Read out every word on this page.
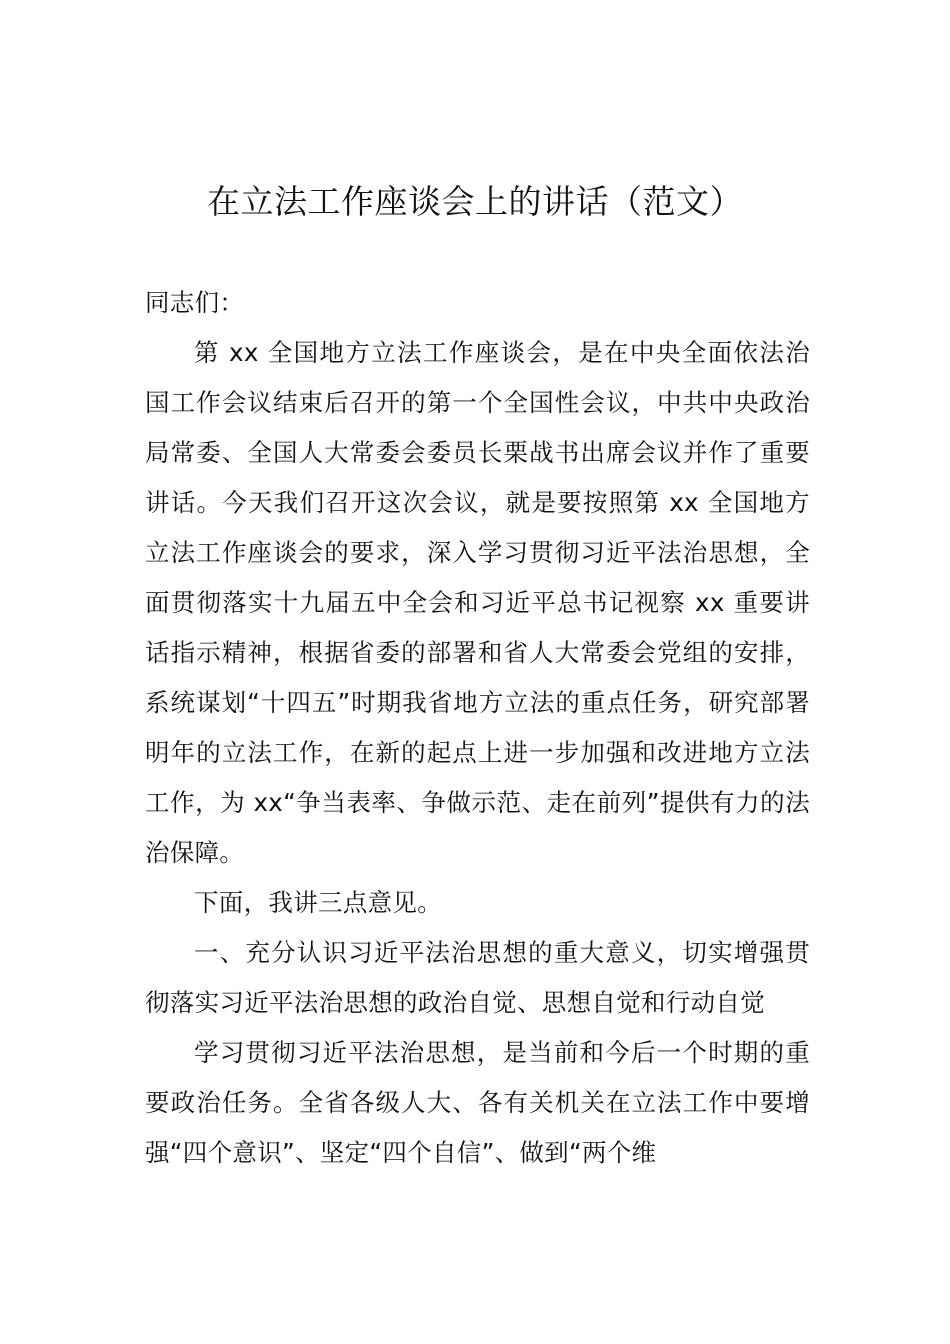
在立法工作座谈会上的讲话（范文）

同志们：

第 xx 全国地方立法工作座谈会，是在中央全面依法治国工作会议结束后召开的第一个全国性会议，中共中央政治局常委、全国人大常委会委员长栗战书出席会议并作了重要讲话。今天我们召开这次会议，就是要按照第 xx 全国地方立法工作座谈会的要求，深入学习贯彻习近平法治思想，全面贯彻落实十九届五中全会和习近平总书记视察 xx 重要讲话指示精神，根据省委的部署和省人大常委会党组的安排，系统谋划“十四五”时期我省地方立法的重点任务，研究部署明年的立法工作，在新的起点上进一步加强和改进地方立法工作，为 xx“争当表率、争做示范、走在前列”提供有力的法治保障。

下面，我讲三点意见。

一、充分认识习近平法治思想的重大意义，切实增强贯彻落实习近平法治思想的政治自觉、思想自觉和行动自觉

学习贯彻习近平法治思想，是当前和今后一个时期的重要政治任务。全省各级人大、各有关机关在立法工作中要增强“四个意识”、坚定“四个自信”、做到“两个维
